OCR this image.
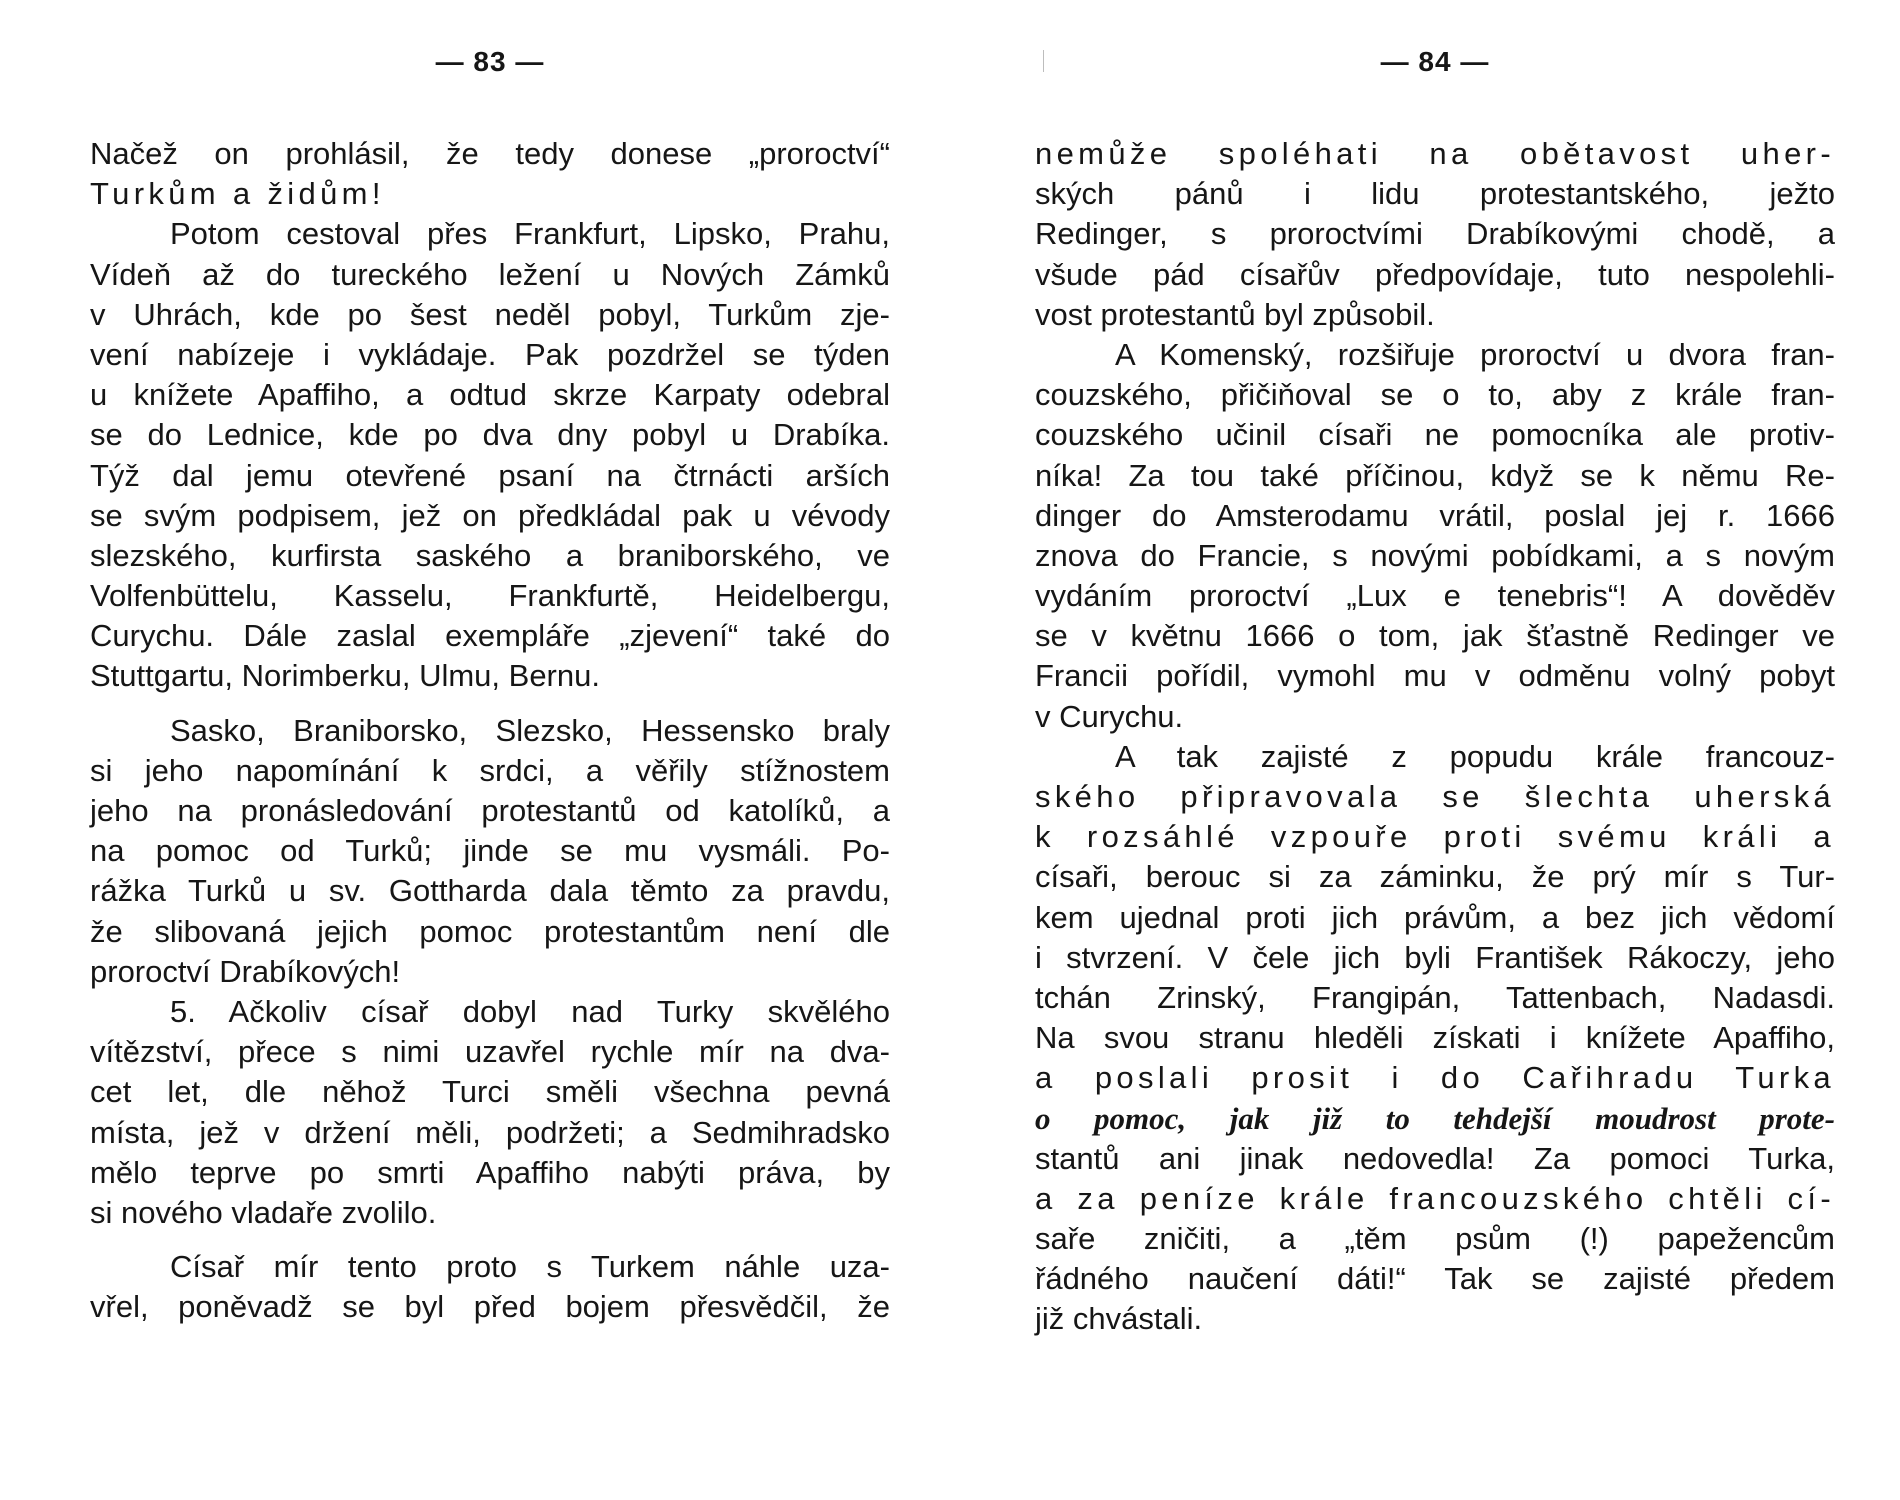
— 83 —
Načež on prohlásil, že tedy donese „proroctví“
Turkům a židům!
Potom cestoval přes Frankfurt, Lipsko, Prahu,
Vídeň až do tureckého ležení u Nových Zámků
v Uhrách, kde po šest neděl pobyl, Turkům zje-
vení nabízeje i vykládaje. Pak pozdržel se týden
u knížete Apaffiho, a odtud skrze Karpaty odebral
se do Lednice, kde po dva dny pobyl u Drabíka.
Týž dal jemu otevřené psaní na čtrnácti arších
se svým podpisem, jež on předkládal pak u vévody
slezského, kurfirsta saského a braniborského, ve
Volfenbüttelu, Kasselu, Frankfurtě, Heidelbergu,
Curychu. Dále zaslal exempláře „zjevení“ také do
Stuttgartu, Norimberku, Ulmu, Bernu.
Sasko, Braniborsko, Slezsko, Hessensko braly
si jeho napomínání k srdci, a věřily stížnostem
jeho na pronásledování protestantů od katolíků, a
na pomoc od Turků; jinde se mu vysmáli. Po-
rážka Turků u sv. Gottharda dala těmto za pravdu,
že slibovaná jejich pomoc protestantům není dle
proroctví Drabíkových!
5. Ačkoliv císař dobyl nad Turky skvělého
vítězství, přece s nimi uzavřel rychle mír na dva-
cet let, dle něhož Turci směli všechna pevná
místa, jež v držení měli, podržeti; a Sedmihradsko
mělo teprve po smrti Apaffiho nabýti práva, by
si nového vladaře zvolilo.
Císař mír tento proto s Turkem náhle uza-
vřel, poněvadž se byl před bojem přesvědčil, že
— 84 —
nemůže spoléhati na obětavost uher-
ských pánů i lidu protestantského, ježto
Redinger, s proroctvími Drabíkovými chodě, a
všude pád císařův předpovídaje, tuto nespolehli-
vost protestantů byl způsobil.
A Komenský, rozšiřuje proroctví u dvora fran-
couzského, přičiňoval se o to, aby z krále fran-
couzského učinil císaři ne pomocníka ale protiv-
níka! Za tou také příčinou, když se k němu Re-
dinger do Amsterodamu vrátil, poslal jej r. 1666
znova do Francie, s novými pobídkami, a s novým
vydáním proroctví „Lux e tenebris“! A dověděv
se v květnu 1666 o tom, jak šťastně Redinger ve
Francii pořídil, vymohl mu v odměnu volný pobyt
v Curychu.
A tak zajisté z popudu krále francouz-
ského připravovala se šlechta uherská
k rozsáhlé vzpouře proti svému králi a
císaři, berouc si za záminku, že prý mír s Tur-
kem ujednal proti jich právům, a bez jich vědomí
i stvrzení. V čele jich byli František Rákoczy, jeho
tchán Zrinský, Frangipán, Tattenbach, Nadasdi.
Na svou stranu hleděli získati i knížete Apaffiho,
a poslali prosit i do Cařihradu Turka
o pomoc, jak již to tehdejší moudrost prote-
stantů ani jinak nedovedla! Za pomoci Turka,
a za peníze krále francouzského chtěli cí-
saře zničiti, a „těm psům (!) papežencům
řádného naučení dáti!“ Tak se zajisté předem
již chvástali.
